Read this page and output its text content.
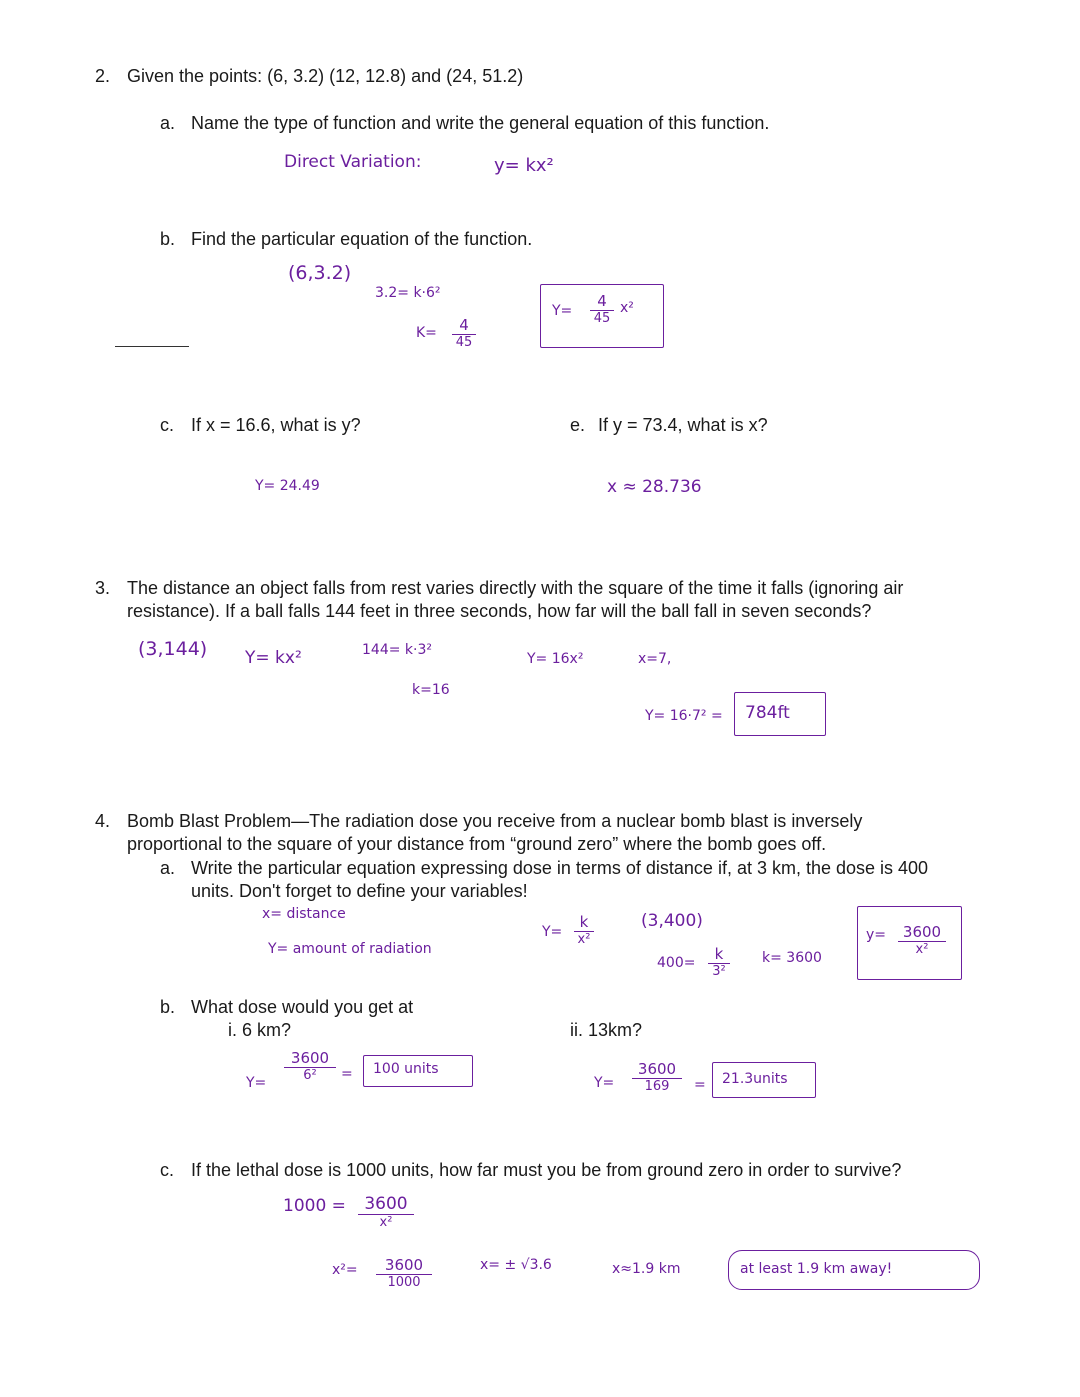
2. Given the points: (6, 3.2) (12, 12.8) and (24, 51.2)
a. Name the type of function and write the general equation of this function.
Direct Variation:	y= kx²
b. Find the particular equation of the function.
(6,3.2)
3.2= k·6²
$K= \frac{4}{45}$
$Y= \frac{4}{45} x^2$
c. If x = 16.6, what is y?
Y= 24.49
e. If y = 73.4, what is x?
x ≈ 28.736
3. The distance an object falls from rest varies directly with the square of the time it falls (ignoring air
resistance). If a ball falls 144 feet in three seconds, how far will the ball fall in seven seconds?
(3,144) Y= kx²	144= k·3²
k=16
Y= 16x²	x=7,
Y= 16·7² = 784ft
4. Bomb Blast Problem—The radiation dose you receive from a nuclear bomb blast is inversely
proportional to the square of your distance from “ground zero” where the bomb goes off.
a. Write the particular equation expressing dose in terms of distance if, at 3 km, the dose is 400
units. Don't forget to define your variables!
x= distance
Y= amount of radiation
$Y= \frac{k}{\text{x²}}$	(3,400)
$400= \frac{k}{\text{3²}} k= 3600$
$y= \frac{3600}{\text{x²}}$
b. What dose would you get at
i. 6 km?	ii. 13km?
$Y= \frac{3600}{\text{6²}} = 100$ units
$Y= \frac{3600}{169}$ = 21.3units
c. If the lethal dose is 1000 units, how far must you be from ground zero in order to survive?
1000 =	3600
x²
$x^2= \frac{3600}{1000}$	x= ± √3.6	x≈1.9 km	at least 1.9 km away!
